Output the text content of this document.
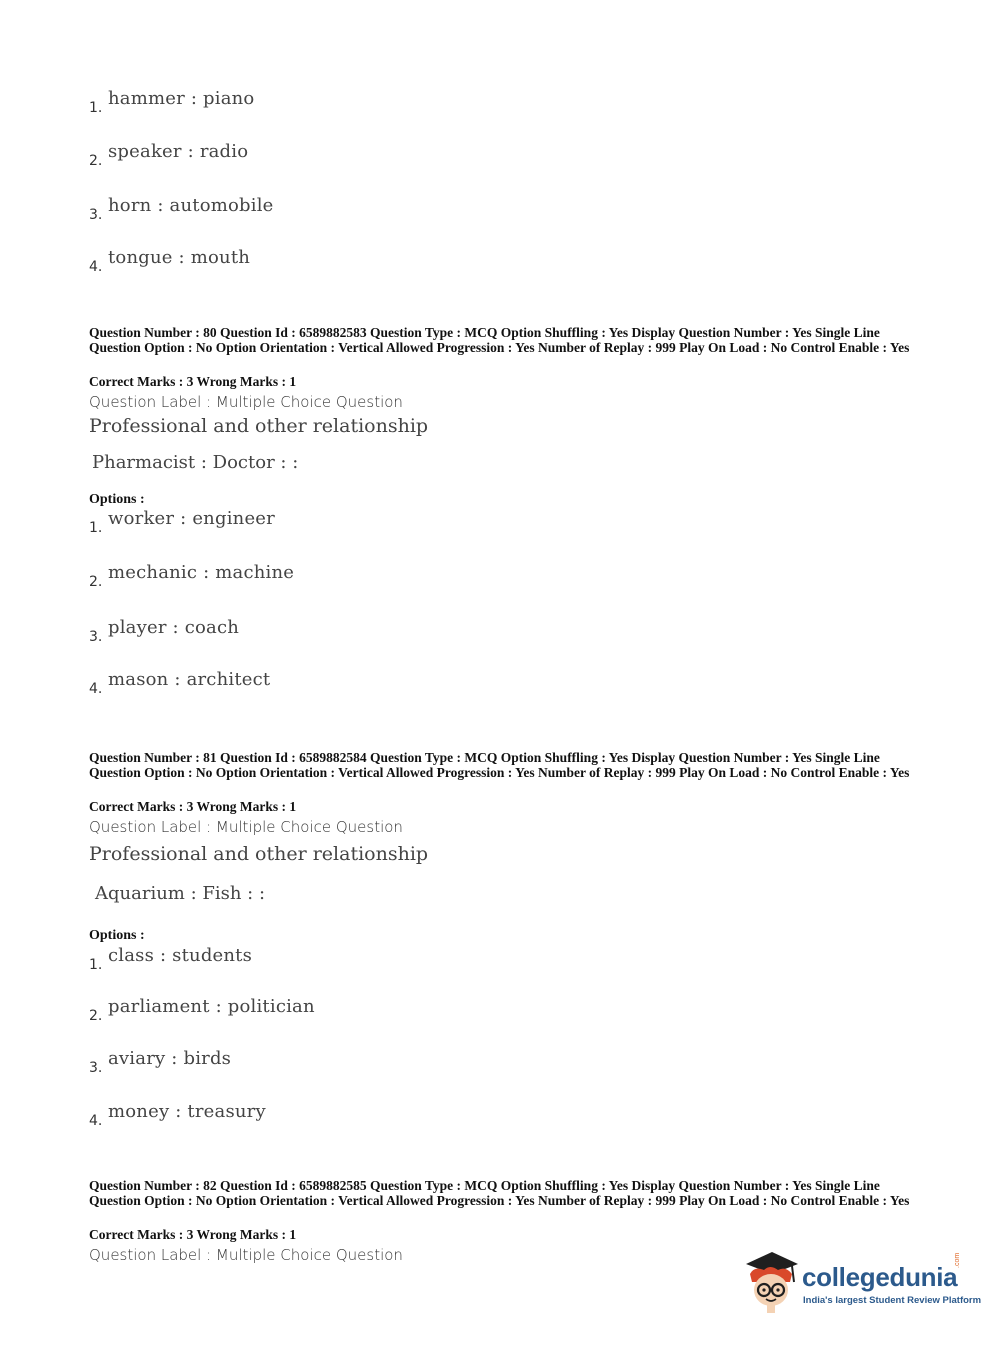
1. hammer : piano
2. speaker : radio
3. horn : automobile
4. tongue : mouth
Question Number : 80 Question Id : 6589882583 Question Type : MCQ Option Shuffling : Yes Display Question Number : Yes Single Line Question Option : No Option Orientation : Vertical Allowed Progression : Yes Number of Replay : 999 Play On Load : No Control Enable : Yes
Correct Marks : 3 Wrong Marks : 1
Question Label : Multiple Choice Question
Professional and other relationship
Pharmacist : Doctor : :
Options :
1. worker : engineer
2. mechanic : machine
3. player : coach
4. mason : architect
Question Number : 81 Question Id : 6589882584 Question Type : MCQ Option Shuffling : Yes Display Question Number : Yes Single Line Question Option : No Option Orientation : Vertical Allowed Progression : Yes Number of Replay : 999 Play On Load : No Control Enable : Yes
Correct Marks : 3 Wrong Marks : 1
Question Label : Multiple Choice Question
Professional and other relationship
Aquarium : Fish : :
Options :
1. class : students
2. parliament : politician
3. aviary : birds
4. money : treasury
Question Number : 82 Question Id : 6589882585 Question Type : MCQ Option Shuffling : Yes Display Question Number : Yes Single Line Question Option : No Option Orientation : Vertical Allowed Progression : Yes Number of Replay : 999 Play On Load : No Control Enable : Yes
Correct Marks : 3 Wrong Marks : 1
Question Label : Multiple Choice Question
collegedunia
.com
India's largest Student Review Platform
